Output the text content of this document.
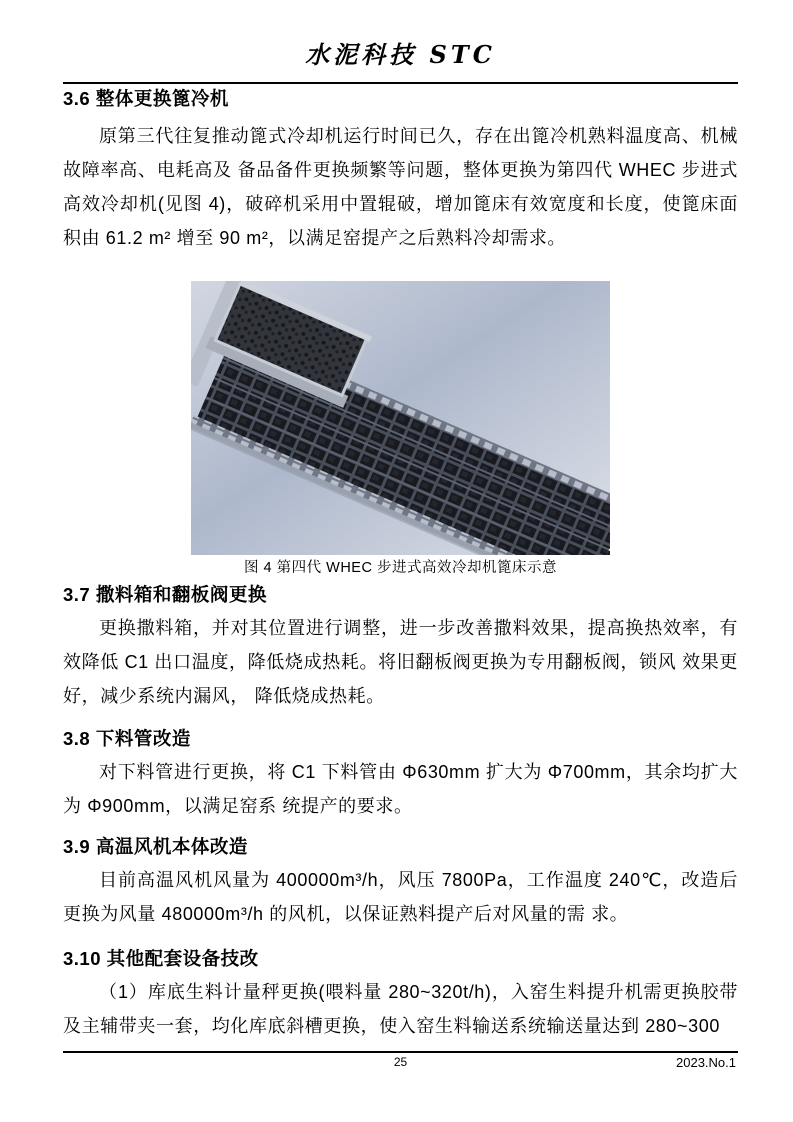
水泥科技 STC
3.6 整体更换篦冷机

原第三代往复推动篦式冷却机运行时间已久，存在出篦冷机熟料温度高、机械故障率高、电耗高及 备品备件更换频繁等问题，整体更换为第四代 WHEC 步进式高效冷却机(见图 4)，破碎机采用中置辊破，增加篦床有效宽度和长度，使篦床面积由 61.2 m² 增至 90 m²，以满足窑提产之后熟料冷却需求。

图 4 第四代 WHEC 步进式高效冷却机篦床示意
3.7 撒料箱和翻板阀更换

更换撒料箱，并对其位置进行调整，进一步改善撒料效果，提高换热效率，有效降低 C1 出口温度，降低烧成热耗。将旧翻板阀更换为专用翻板阀，锁风 效果更好，减少系统内漏风， 降低烧成热耗。

3.8 下料管改造

对下料管进行更换，将 C1 下料管由 Φ630mm 扩大为 Φ700mm，其余均扩大为 Φ900mm，以满足窑系 统提产的要求。

3.9 高温风机本体改造

目前高温风机风量为 400000m³/h，风压 7800Pa，工作温度 240℃，改造后更换为风量 480000m³/h 的风机，以保证熟料提产后对风量的需 求。

3.10 其他配套设备技改

（1）库底生料计量秤更换(喂料量 280~320t/h)，入窑生料提升机需更换胶带及主辅带夹一套，均化库底斜槽更换，使入窑生料输送系统输送量达到 280~300

25	2023.No.1
